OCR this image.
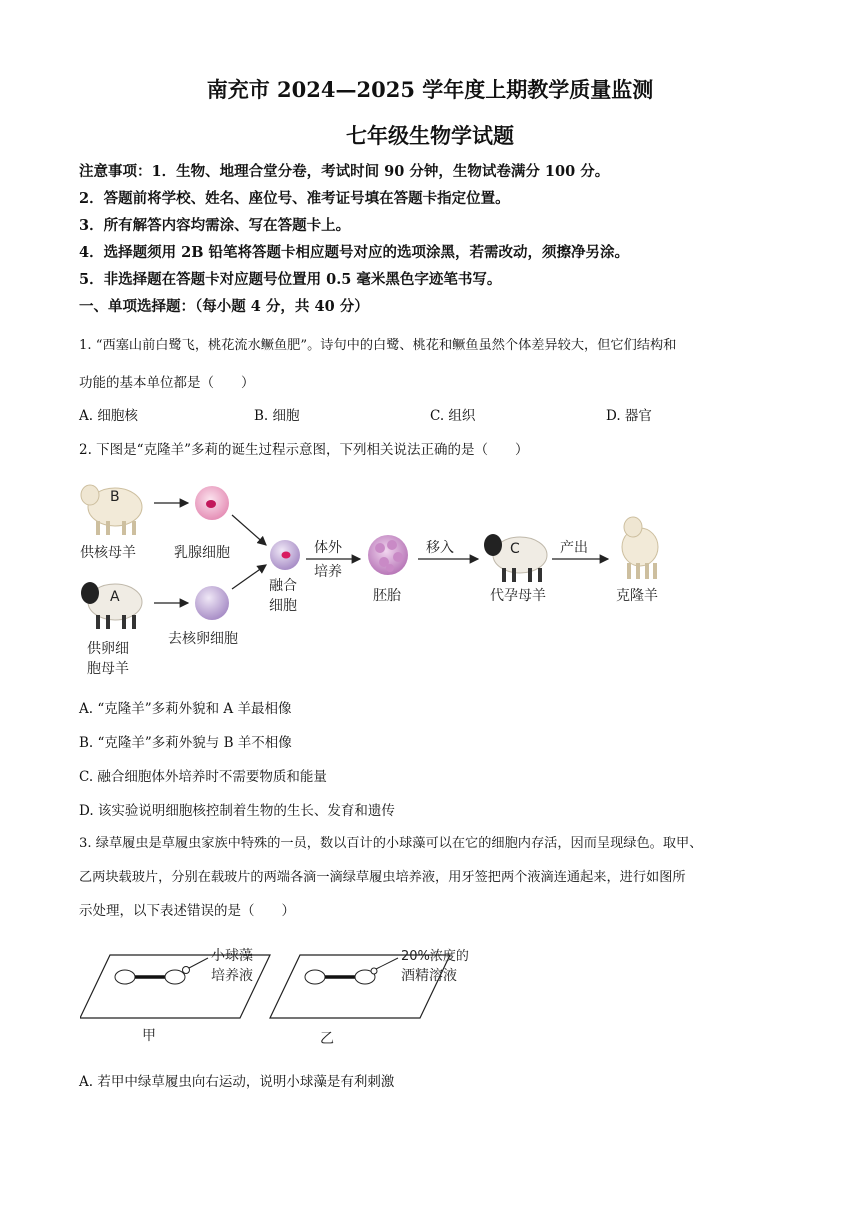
南充市 2024—2025 学年度上期教学质量监测
七年级生物学试题
注意事项：1．生物、地理合堂分卷，考试时间 90 分钟，生物试卷满分 100 分。
2．答题前将学校、姓名、座位号、准考证号填在答题卡指定位置。
3．所有解答内容均需涂、写在答题卡上。
4．选择题须用 2B 铅笔将答题卡相应题号对应的选项涂黑，若需改动，须擦净另涂。
5．非选择题在答题卡对应题号位置用 0.5 毫米黑色字迹笔书写。
一、单项选择题：（每小题 4 分，共 40 分）
1. “西塞山前白鹭飞，桃花流水鳜鱼肥”。诗句中的白鹭、桃花和鳜鱼虽然个体差异较大，但它们结构和
功能的基本单位都是（　　）
A. 细胞核	B. 细胞	C. 组织	D. 器官
2. 下图是“克隆羊”多莉的诞生过程示意图，下列相关说法正确的是（　　）
B
供核母羊	乳腺细胞
A
供卵细
胞母羊
去核卵细胞
融合
细胞
体外
培养
胚胎
移入	C
代孕母羊
产出
克隆羊
A. “克隆羊”多莉外貌和 A 羊最相像
B. “克隆羊”多莉外貌与 B 羊不相像
C. 融合细胞体外培养时不需要物质和能量
D. 该实验说明细胞核控制着生物的生长、发育和遗传
3. 绿草履虫是草履虫家族中特殊的一员，数以百计的小球藻可以在它的细胞内存活，因而呈现绿色。取甲、
乙两块载玻片，分别在载玻片的两端各滴一滴绿草履虫培养液，用牙签把两个液滴连通起来，进行如图所
示处理，以下表述错误的是（　　）
小球藻
培养液
甲
20%浓度的
酒精溶液
乙
A. 若甲中绿草履虫向右运动，说明小球藻是有利刺激
